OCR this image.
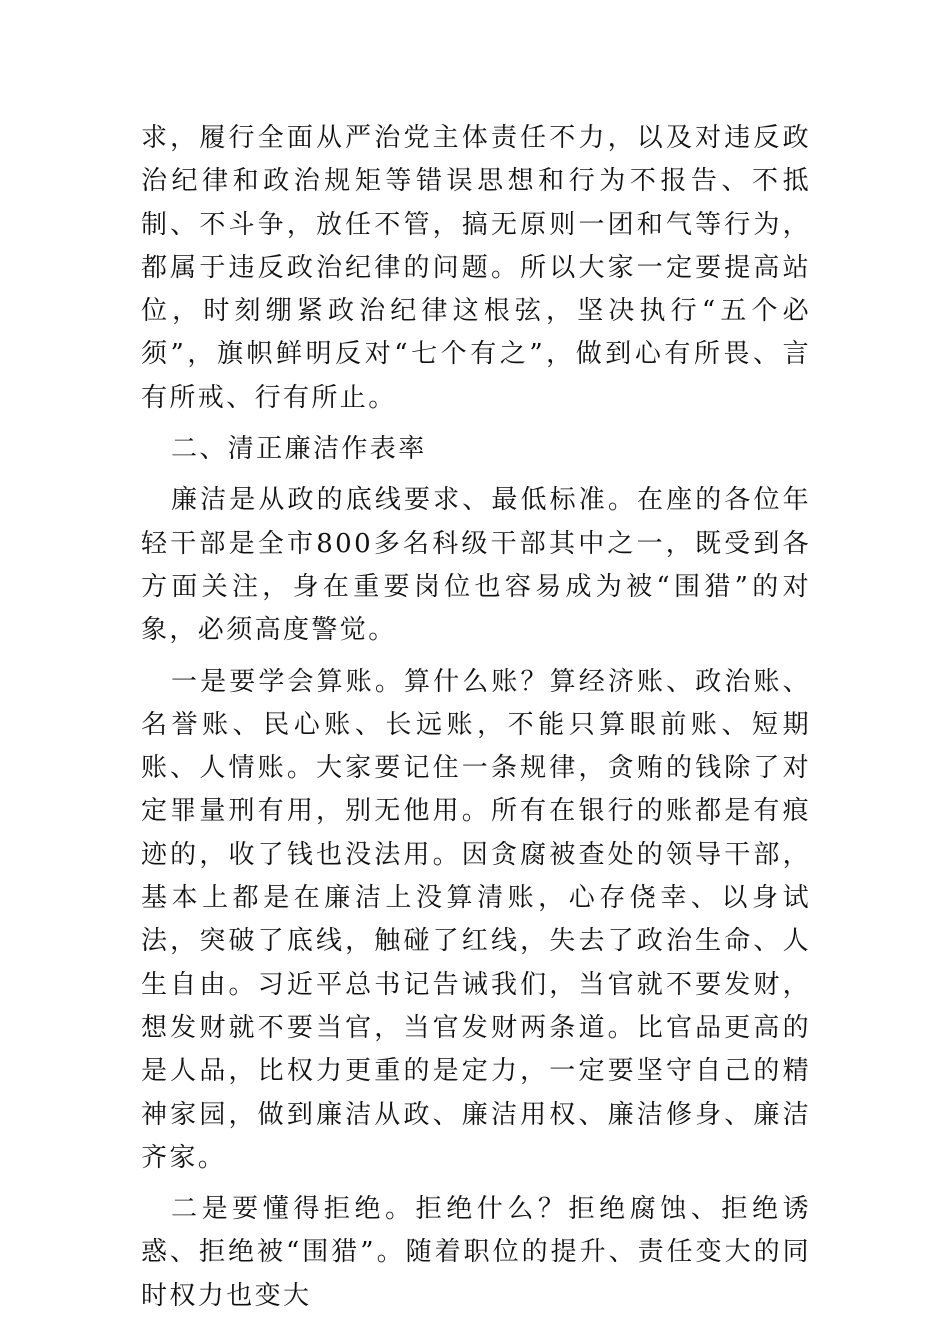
求，履行全面从严治党主体责任不力，以及对违反政治纪律和政治规矩等错误思想和行为不报告、不抵制、不斗争，放任不管，搞无原则一团和气等行为，都属于违反政治纪律的问题。所以大家一定要提高站位，时刻绷紧政治纪律这根弦，坚决执行“五个必须”，旗帜鲜明反对“七个有之”，做到心有所畏、言有所戒、行有所止。

二、清正廉洁作表率

廉洁是从政的底线要求、最低标准。在座的各位年轻干部是全市800多名科级干部其中之一，既受到各方面关注，身在重要岗位也容易成为被“围猎”的对象，必须高度警觉。

一是要学会算账。算什么账？算经济账、政治账、名誉账、民心账、长远账，不能只算眼前账、短期账、人情账。大家要记住一条规律，贪贿的钱除了对定罪量刑有用，别无他用。所有在银行的账都是有痕迹的，收了钱也没法用。因贪腐被查处的领导干部，基本上都是在廉洁上没算清账，心存侥幸、以身试法，突破了底线，触碰了红线，失去了政治生命、人生自由。习近平总书记告诫我们，当官就不要发财，想发财就不要当官，当官发财两条道。比官品更高的是人品，比权力更重的是定力，一定要坚守自己的精神家园，做到廉洁从政、廉洁用权、廉洁修身、廉洁齐家。

二是要懂得拒绝。拒绝什么？拒绝腐蚀、拒绝诱惑、拒绝被“围猎”。随着职位的提升、责任变大的同时权力也变大
